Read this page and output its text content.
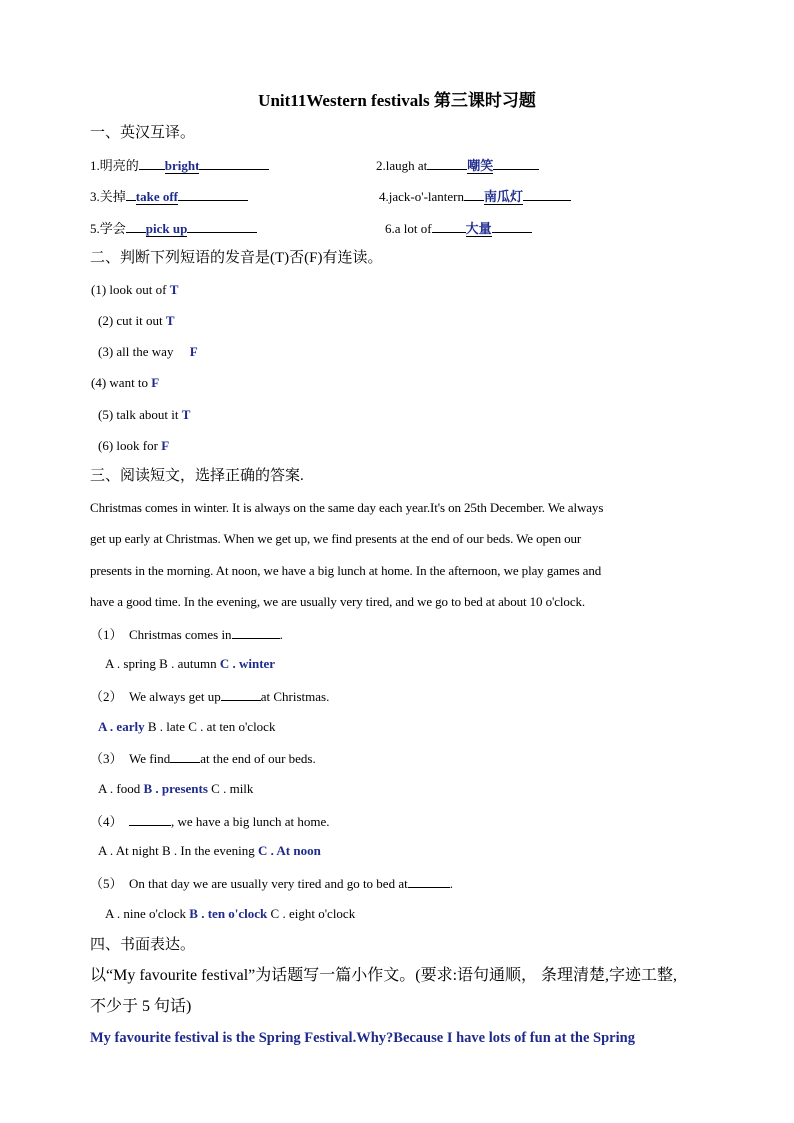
Unit11Western festivals 第三课时习题
一、英汉互译。
1.明亮的 bright	2.laugh at	嘲笑
3.关掉 take off	4.jack-o'-lantern 南瓜灯
5.学会 pick up	6.a lot of	大量
二、判断下列短语的发音是(T)否(F)有连读。
(1) look out of T
(2) cut it out T
(3) all the way F
(4) want to F
(5) talk about it T
(6) look for F
三、阅读短文，选择正确的答案.
Christmas comes in winter. It is always on the same day each year.It's on 25th December. We always
get up early at Christmas. When we get up, we find presents at the end of our beds. We open our
presents in the morning. At noon, we have a big lunch at home. In the afternoon, we play games and
have a good time. In the evening, we are usually very tired, and we go to bed at about 10 o'clock.
（1） Christmas comes in	.
A . spring B . autumn C . winter
（2） We always get up	at Christmas.
A . early B . late C . at ten o'clock
（3） We find at the end of our beds.
A . food B . presents C . milk
（4）	, we have a big lunch at home.
A . At night B . In the evening C . At noon
（5） On that day we are usually very tired and go to bed at	.
A . nine o'clock B . ten o'clock C . eight o'clock
四、书面表达。
以“My favourite festival”为话题写一篇小作文。(要求:语句通顺， 条理清楚,字迹工整,
不少于 5 句话)
My favourite festival is the Spring Festival.Why?Because I have lots of fun at the Spring
